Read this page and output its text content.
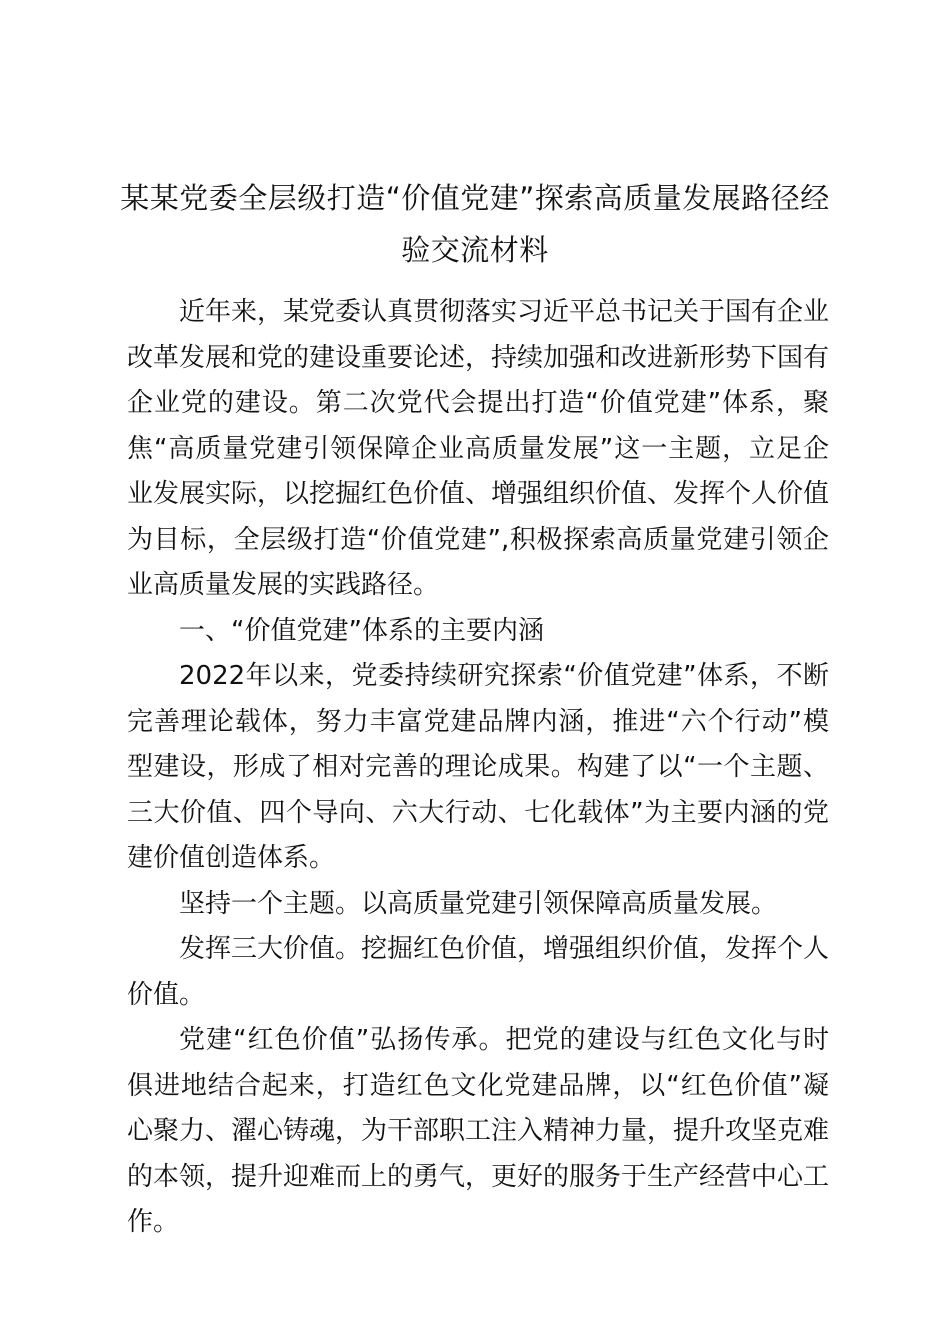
某某党委全层级打造“价值党建”探索高质量发展路径经验交流材料

近年来，某党委认真贯彻落实习近平总书记关于国有企业改革发展和党的建设重要论述，持续加强和改进新形势下国有企业党的建设。第二次党代会提出打造“价值党建”体系，聚焦“高质量党建引领保障企业高质量发展”这一主题，立足企业发展实际，以挖掘红色价值、增强组织价值、发挥个人价值为目标，全层级打造“价值党建”,积极探索高质量党建引领企业高质量发展的实践路径。

一、“价值党建”体系的主要内涵

2022年以来，党委持续研究探索“价值党建”体系，不断完善理论载体，努力丰富党建品牌内涵，推进“六个行动”模型建设，形成了相对完善的理论成果。构建了以“一个主题、三大价值、四个导向、六大行动、七化载体”为主要内涵的党建价值创造体系。

坚持一个主题。以高质量党建引领保障高质量发展。

发挥三大价值。挖掘红色价值，增强组织价值，发挥个人价值。

党建“红色价值”弘扬传承。把党的建设与红色文化与时俱进地结合起来，打造红色文化党建品牌，以“红色价值”凝心聚力、濯心铸魂，为干部职工注入精神力量，提升攻坚克难的本领，提升迎难而上的勇气，更好的服务于生产经营中心工作。
